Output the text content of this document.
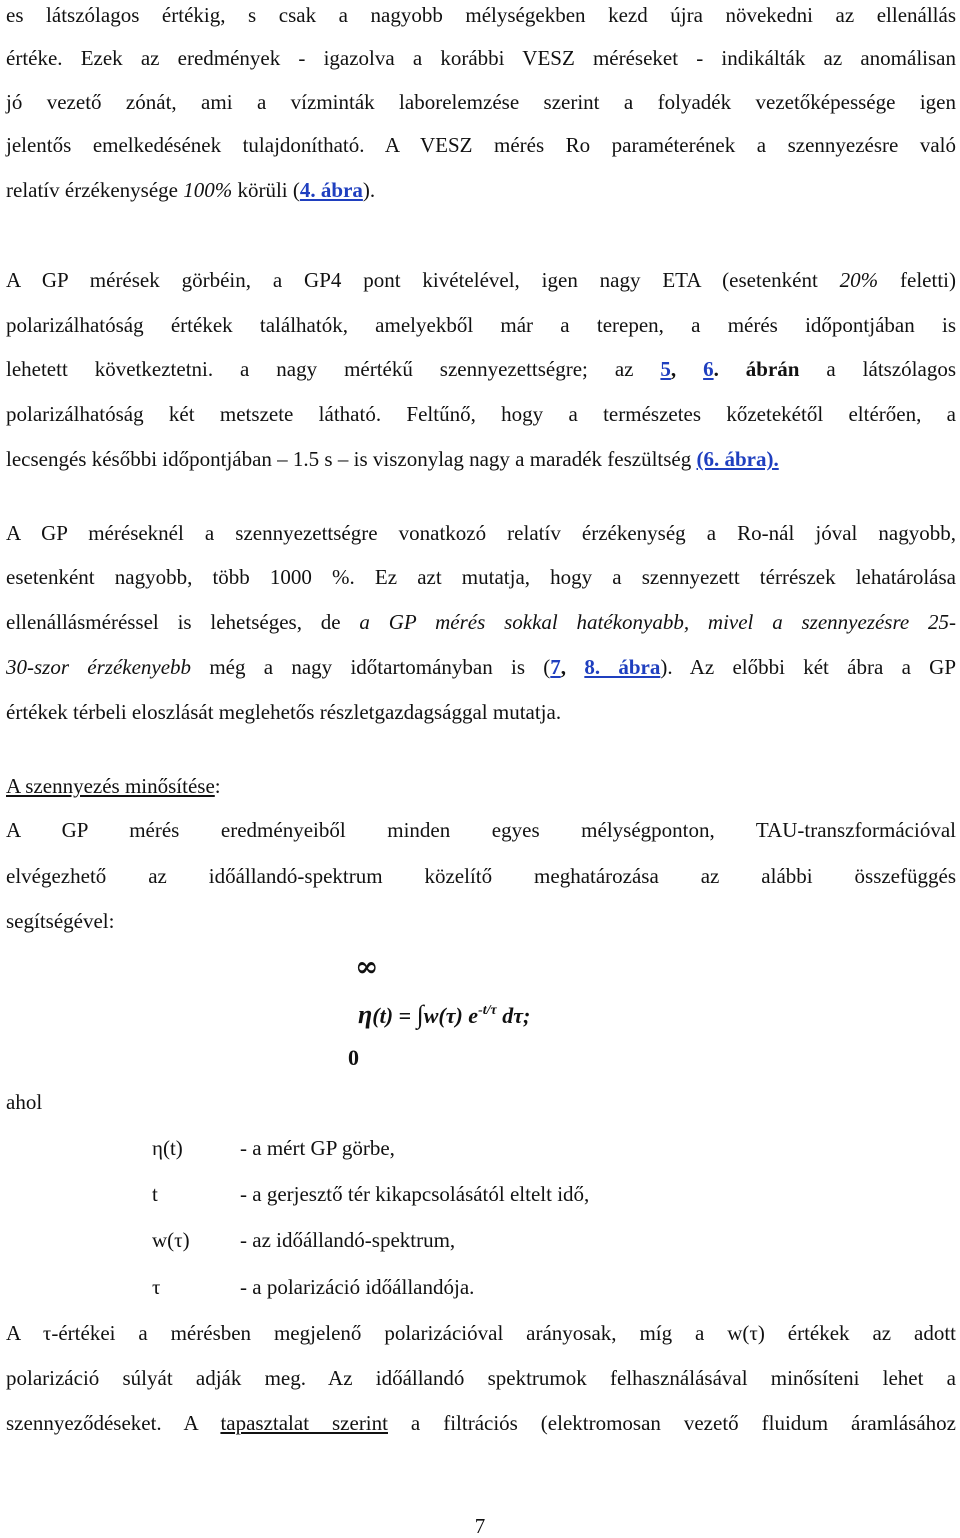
es látszólagos értékig, s csak a nagyobb mélységekben kezd újra növekedni az ellenállás
értéke. Ezek az eredmények - igazolva a korábbi VESZ méréseket - indikálták az anomálisan
jó vezető zónát, ami a vízminták laborelemzése szerint a folyadék vezetőképessége igen
jelentős emelkedésének tulajdonítható. A VESZ mérés Ro paraméterének a szennyezésre való
relatív érzékenysége 100% körüli (4. ábra).
A GP mérések görbéin, a GP4 pont kivételével, igen nagy ETA (esetenként 20% feletti)
polarizálhatóság értékek találhatók, amelyekből már a terepen, a mérés időpontjában is
lehetett következtetni. a nagy mértékű szennyezettségre; az 5, 6. ábrán a látszólagos
polarizálhatóság két metszete látható. Feltűnő, hogy a természetes kőzetekétől eltérően, a
lecsengés későbbi időpontjában – 1.5 s – is viszonylag nagy a maradék feszültség (6. ábra).
A GP méréseknél a szennyezettségre vonatkozó relatív érzékenység a Ro-nál jóval nagyobb,
esetenként nagyobb, több 1000 %. Ez azt mutatja, hogy a szennyezett térrészek lehatárolása
ellenállásméréssel is lehetséges, de a GP mérés sokkal hatékonyabb, mivel a szennyezésre 25-
30-szor érzékenyebb még a nagy időtartományban is (7, 8. ábra). Az előbbi két ábra a GP
értékek térbeli eloszlását meglehetős részletgazdagsággal mutatja.
A szennyezés minősítése:
A GP mérés eredményeiből minden egyes mélységponton, TAU-transzformációval
elvégezhető az időállandó-spektrum közelítő meghatározása az alábbi összefüggés
segítségével:
∞
η(t) = ∫w(τ) $e^{-t/\tau}$ dτ;
0
ahol
η(t)	- a mért GP görbe,
t	- a gerjesztő tér kikapcsolásától eltelt idő,
w(τ) - az időállandó-spektrum,
τ	- a polarizáció időállandója.
A τ-értékei a mérésben megjelenő polarizációval arányosak, míg a w(τ) értékek az adott
polarizáció súlyát adják meg. Az időállandó spektrumok felhasználásával minősíteni lehet a
szennyeződéseket. A tapasztalat szerint a filtrációs (elektromosan vezető fluidum áramlásához
7
